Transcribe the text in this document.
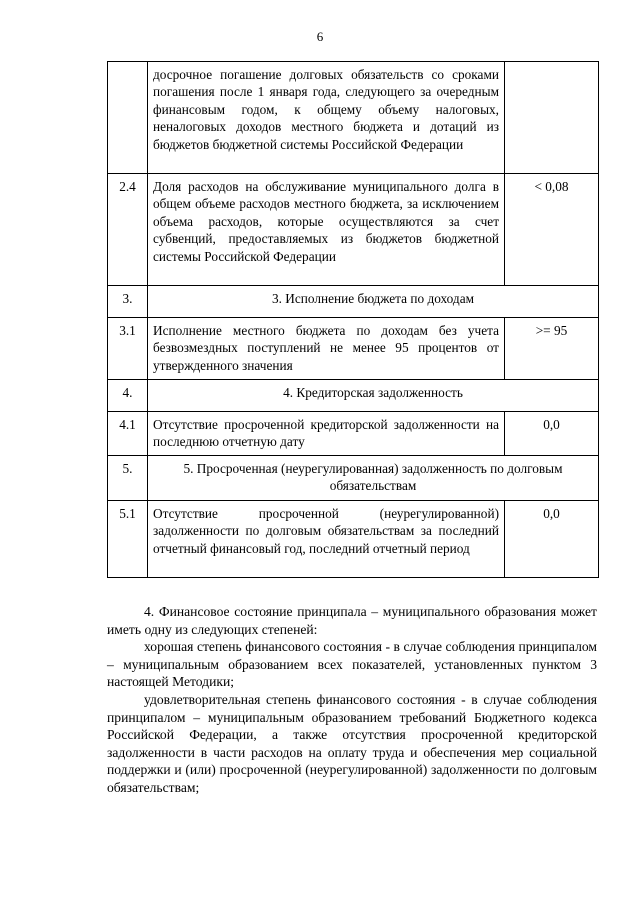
6
	досрочное погашение долговых обязательств со сроками погашения после 1 января года, следующего за очередным финансовым годом, к общему объему налоговых, неналоговых доходов местного бюджета и дотаций из бюджетов бюджетной системы Российской Федерации	
2.4	Доля расходов на обслуживание муниципального долга в общем объеме расходов местного бюджета, за исключением объема расходов, которые осуществляются за счет субвенций, предоставляемых из бюджетов бюджетной системы Российской Федерации	< 0,08
3.	3. Исполнение бюджета по доходам	
3.1	Исполнение местного бюджета по доходам без учета безвозмездных поступлений не менее 95 процентов от утвержденного значения	>= 95
4.	4. Кредиторская задолженность	
4.1	Отсутствие просроченной кредиторской задолженности на последнюю отчетную дату	0,0
5.	5. Просроченная (неурегулированная) задолженность по долговым обязательствам	
5.1	Отсутствие просроченной (неурегулированной) задолженности по долговым обязательствам за последний отчетный финансовый год, последний отчетный период	0,0

4. Финансовое состояние принципала – муниципального образования может иметь одну из следующих степеней:

хорошая степень финансового состояния - в случае соблюдения принципалом – муниципальным образованием всех показателей, установленных пунктом 3 настоящей Методики;

удовлетворительная степень финансового состояния - в случае соблюдения принципалом – муниципальным образованием требований Бюджетного кодекса Российской Федерации, а также отсутствия просроченной кредиторской задолженности в части расходов на оплату труда и обеспечения мер социальной поддержки и (или) просроченной (неурегулированной) задолженности по долговым обязательствам;
